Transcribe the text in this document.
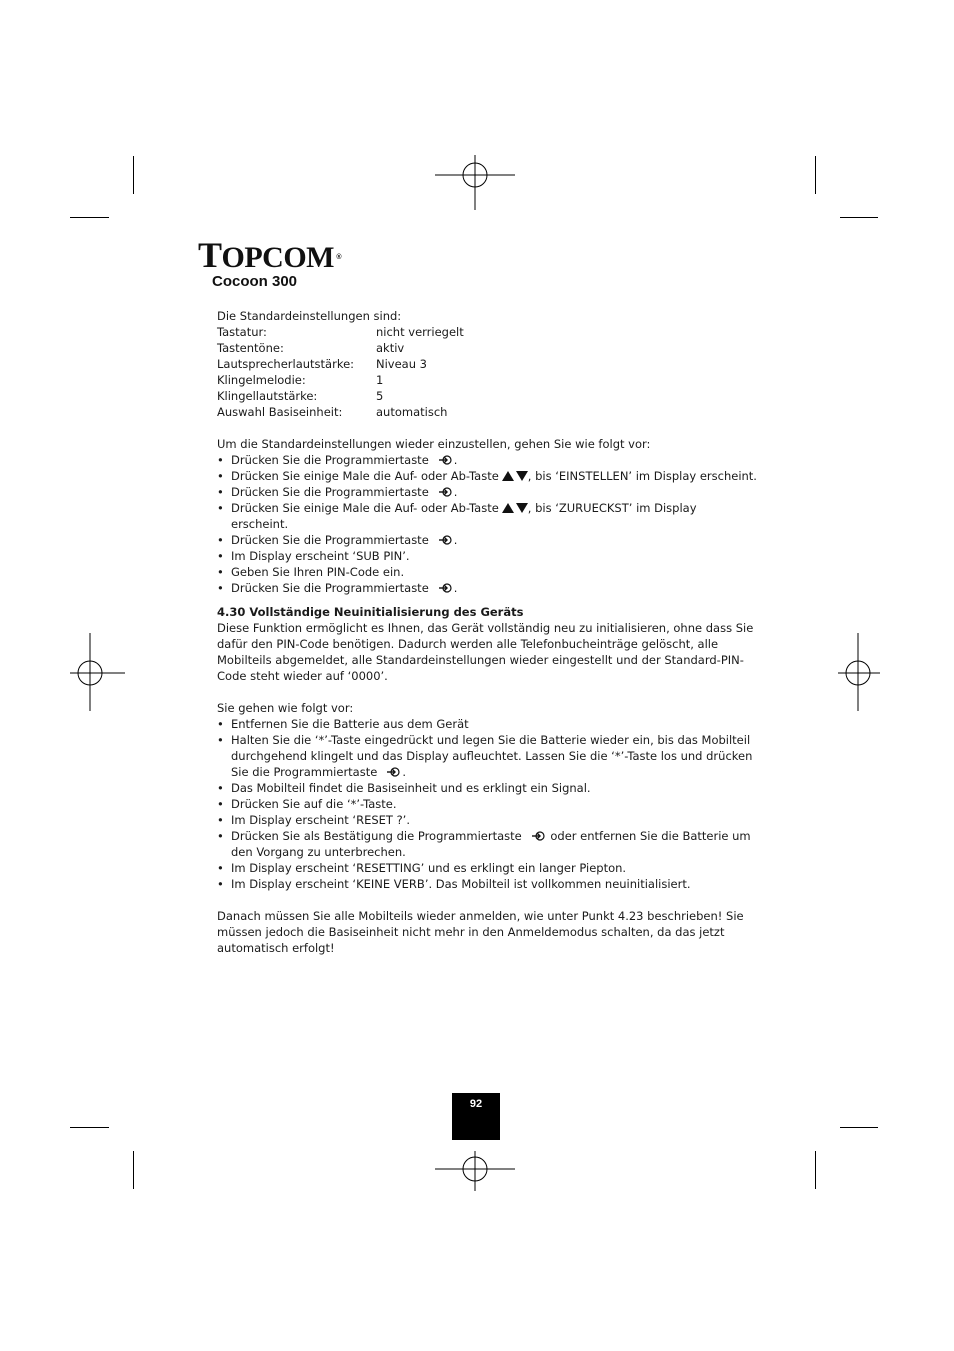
TOPCOM ®
Cocoon 300
Die Standardeinstellungen sind:
Tastatur:	nicht verriegelt
Tastentöne:	aktiv
Lautsprecherlautstärke:	Niveau 3
Klingelmelodie:	1
Klingellautstärke:	5
Auswahl Basiseinheit:	automatisch
Um die Standardeinstellungen wieder einzustellen, gehen Sie wie folgt vor:
• Drücken Sie die Programmiertaste .
• Drücken Sie einige Male die Auf- oder Ab-Taste	, bis ‘EINSTELLEN’ im Display erscheint.
• Drücken Sie die Programmiertaste .
• Drücken Sie einige Male die Auf- oder Ab-Taste	, bis ‘ZURUECKST’ im Display erscheint.
• Drücken Sie die Programmiertaste .
• Im Display erscheint ‘SUB PIN’.
• Geben Sie Ihren PIN-Code ein.
• Drücken Sie die Programmiertaste .
4.30 Vollständige Neuinitialisierung des Geräts
Diese Funktion ermöglicht es Ihnen, das Gerät vollständig neu zu initialisieren, ohne dass Sie dafür den PIN-Code benötigen. Dadurch werden alle Telefonbucheinträge gelöscht, alle Mobilteils abgemeldet, alle Standardeinstellungen wieder eingestellt und der Standard-PIN-Code steht wieder auf ‘0000’.
Sie gehen wie folgt vor:
• Entfernen Sie die Batterie aus dem Gerät
• Halten Sie die ‘*’-Taste eingedrückt und legen Sie die Batterie wieder ein, bis das Mobilteil durchgehend klingelt und das Display aufleuchtet. Lassen Sie die ‘*’-Taste los und drücken Sie die Programmiertaste .
• Das Mobilteil findet die Basiseinheit und es erklingt ein Signal.
• Drücken Sie auf die ‘*’-Taste.
• Im Display erscheint ‘RESET ?’.
• Drücken Sie als Bestätigung die Programmiertaste oder entfernen Sie die Batterie um den Vorgang zu unterbrechen.
• Im Display erscheint ‘RESETTING’ und es erklingt ein langer Piepton.
• Im Display erscheint ‘KEINE VERB’. Das Mobilteil ist vollkommen neuinitialisiert.
Danach müssen Sie alle Mobilteils wieder anmelden, wie unter Punkt 4.23 beschrieben! Sie müssen jedoch die Basiseinheit nicht mehr in den Anmeldemodus schalten, da das jetzt automatisch erfolgt!
92
